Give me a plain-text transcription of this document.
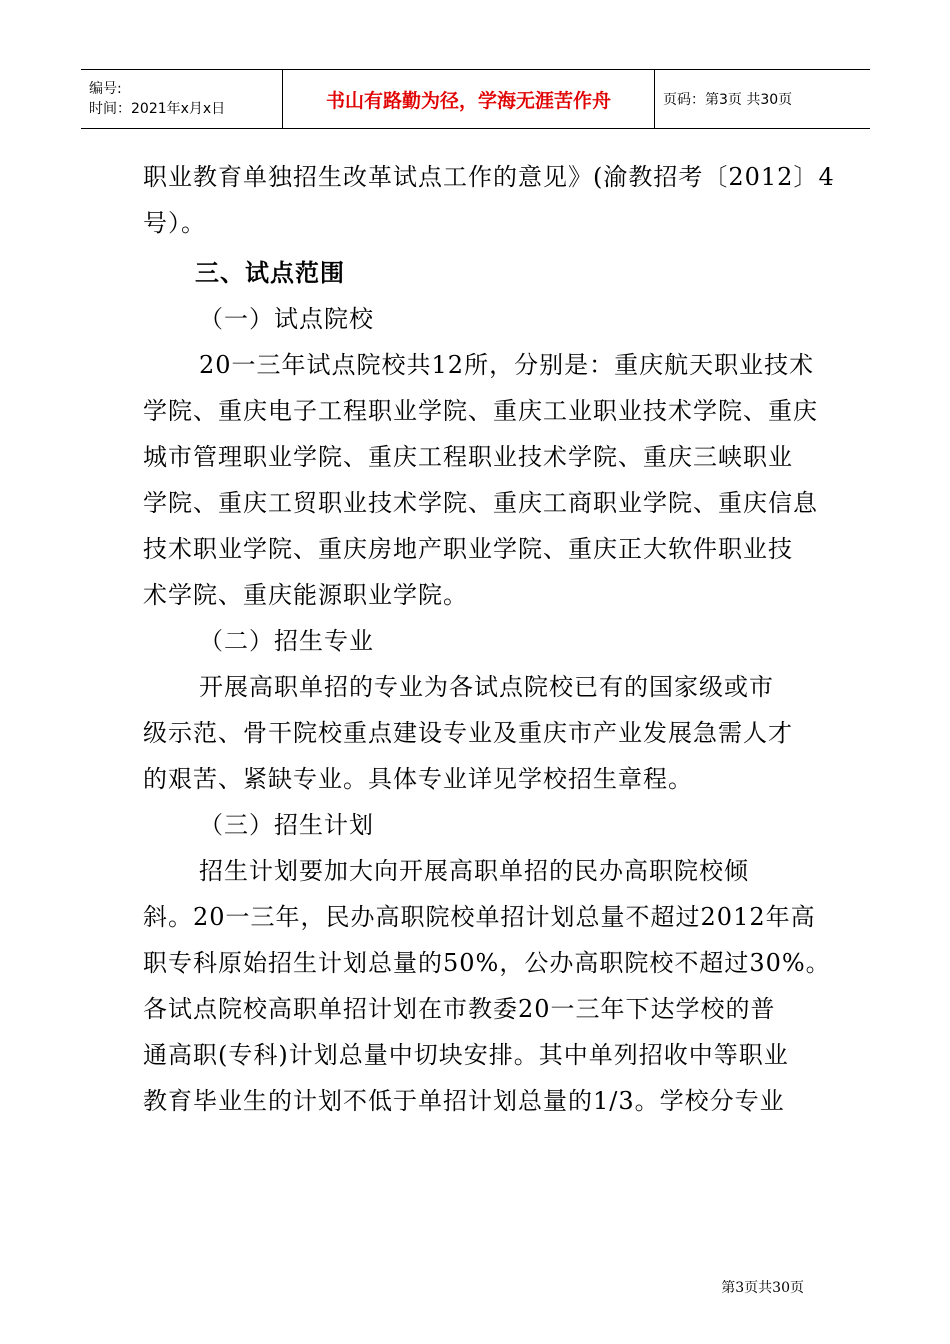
编号:
时间：2021年x月x日	书山有路勤为径，学海无涯苦作舟	页码：第3页 共30页
职业教育单独招生改革试点工作的意见》(渝教招考〔2012〕4
号）。
三、试点范围
（一）试点院校
20一三年试点院校共12所，分别是：重庆航天职业技术
学院、重庆电子工程职业学院、重庆工业职业技术学院、重庆
城市管理职业学院、重庆工程职业技术学院、重庆三峡职业
学院、重庆工贸职业技术学院、重庆工商职业学院、重庆信息
技术职业学院、重庆房地产职业学院、重庆正大软件职业技
术学院、重庆能源职业学院。
（二）招生专业
开展高职单招的专业为各试点院校已有的国家级或市
级示范、骨干院校重点建设专业及重庆市产业发展急需人才
的艰苦、紧缺专业。具体专业详见学校招生章程。
（三）招生计划
招生计划要加大向开展高职单招的民办高职院校倾
斜。20一三年，民办高职院校单招计划总量不超过2012年高
职专科原始招生计划总量的50%，公办高职院校不超过30%。
各试点院校高职单招计划在市教委20一三年下达学校的普
通高职(专科)计划总量中切块安排。其中单列招收中等职业
教育毕业生的计划不低于单招计划总量的1/3。学校分专业
第3页共30页
